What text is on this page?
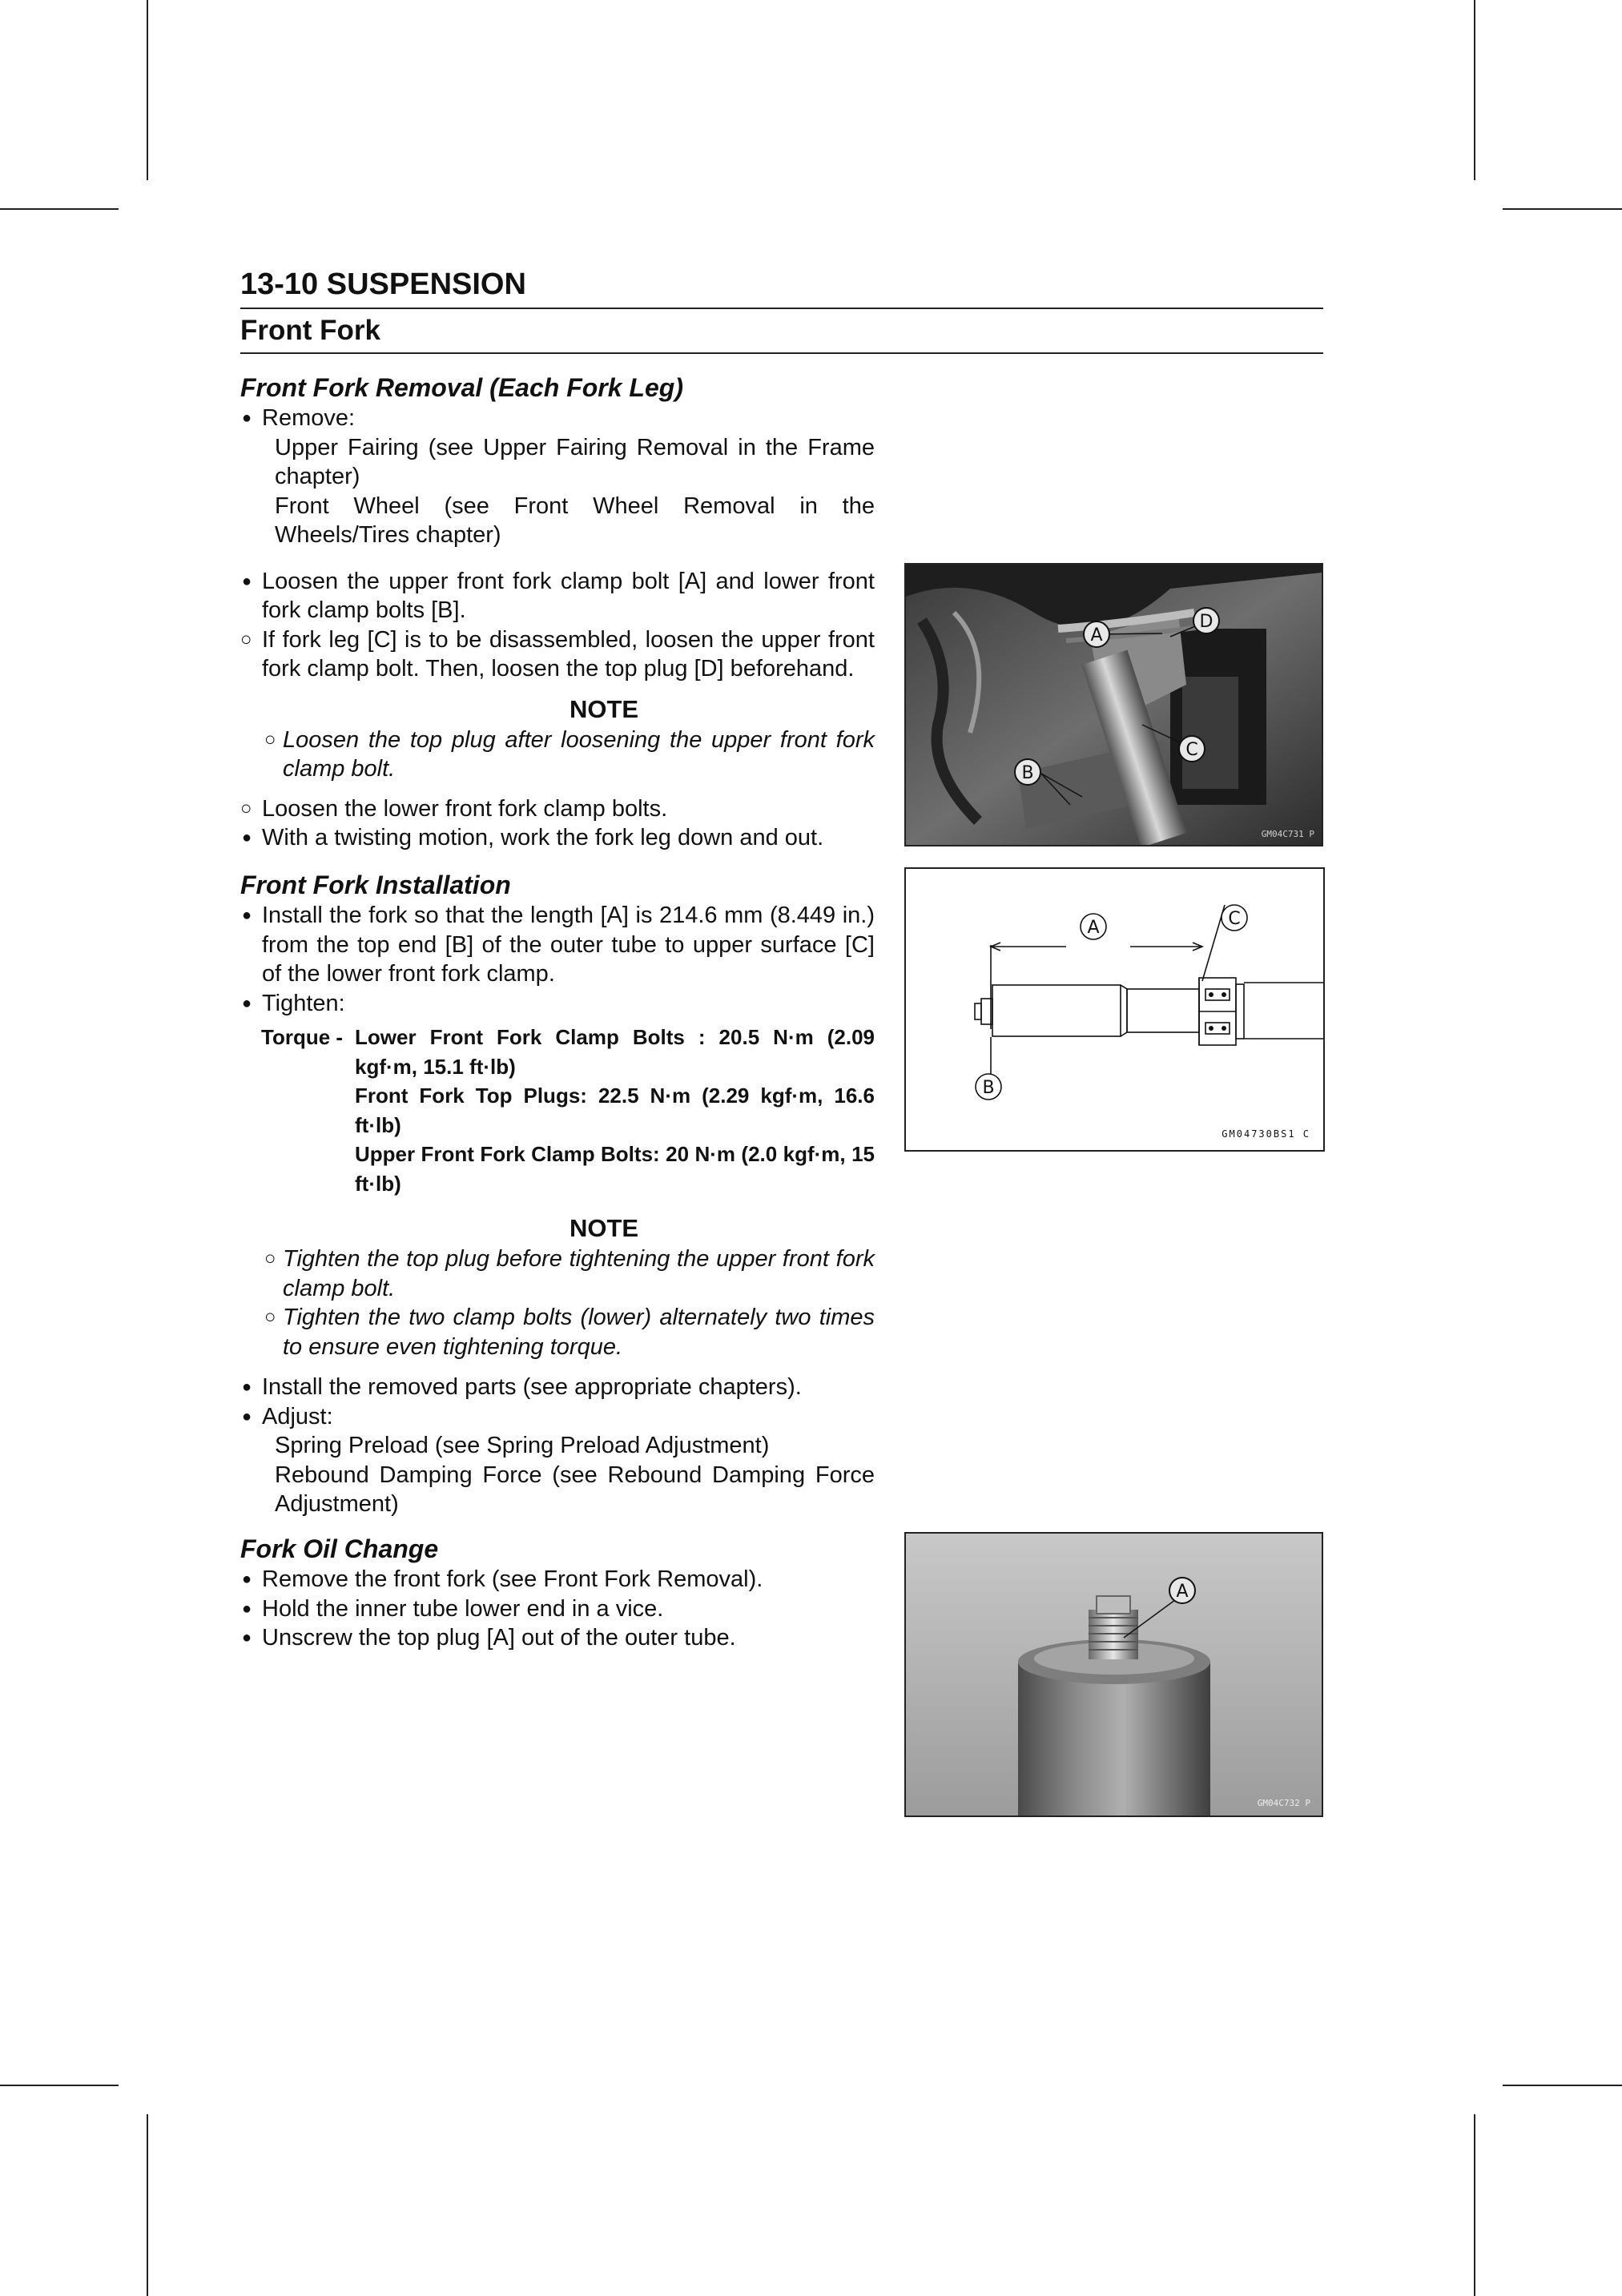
13-10 SUSPENSION
Front Fork
Front Fork Removal (Each Fork Leg)
● Remove:
Upper Fairing (see Upper Fairing Removal in the Frame chapter)
Front Wheel (see Front Wheel Removal in the Wheels/Tires chapter)
● Loosen the upper front fork clamp bolt [A] and lower front fork clamp bolts [B].
○ If fork leg [C] is to be disassembled, loosen the upper front fork clamp bolt. Then, loosen the top plug [D] beforehand.
NOTE
○ Loosen the top plug after loosening the upper front fork clamp bolt.
○ Loosen the lower front fork clamp bolts.
● With a twisting motion, work the fork leg down and out.
Front Fork Installation
● Install the fork so that the length [A] is 214.6 mm (8.449 in.) from the top end [B] of the outer tube to upper surface [C] of the lower front fork clamp.
● Tighten:
Torque - Lower Front Fork Clamp Bolts : 20.5 N·m (2.09 kgf·m, 15.1 ft·lb)
Front Fork Top Plugs: 22.5 N·m (2.29 kgf·m, 16.6 ft·lb)
Upper Front Fork Clamp Bolts: 20 N·m (2.0 kgf·m, 15 ft·lb)
NOTE
○ Tighten the top plug before tightening the upper front fork clamp bolt.
○ Tighten the two clamp bolts (lower) alternately two times to ensure even tightening torque.
● Install the removed parts (see appropriate chapters).
● Adjust:
Spring Preload (see Spring Preload Adjustment)
Rebound Damping Force (see Rebound Damping Force Adjustment)
Fork Oil Change
● Remove the front fork (see Front Fork Removal).
● Hold the inner tube lower end in a vice.
● Unscrew the top plug [A] out of the outer tube.
A
D
C
B
GM04C731 P
A	C
B
GM04730BS1 C
A
GM04C732 P
